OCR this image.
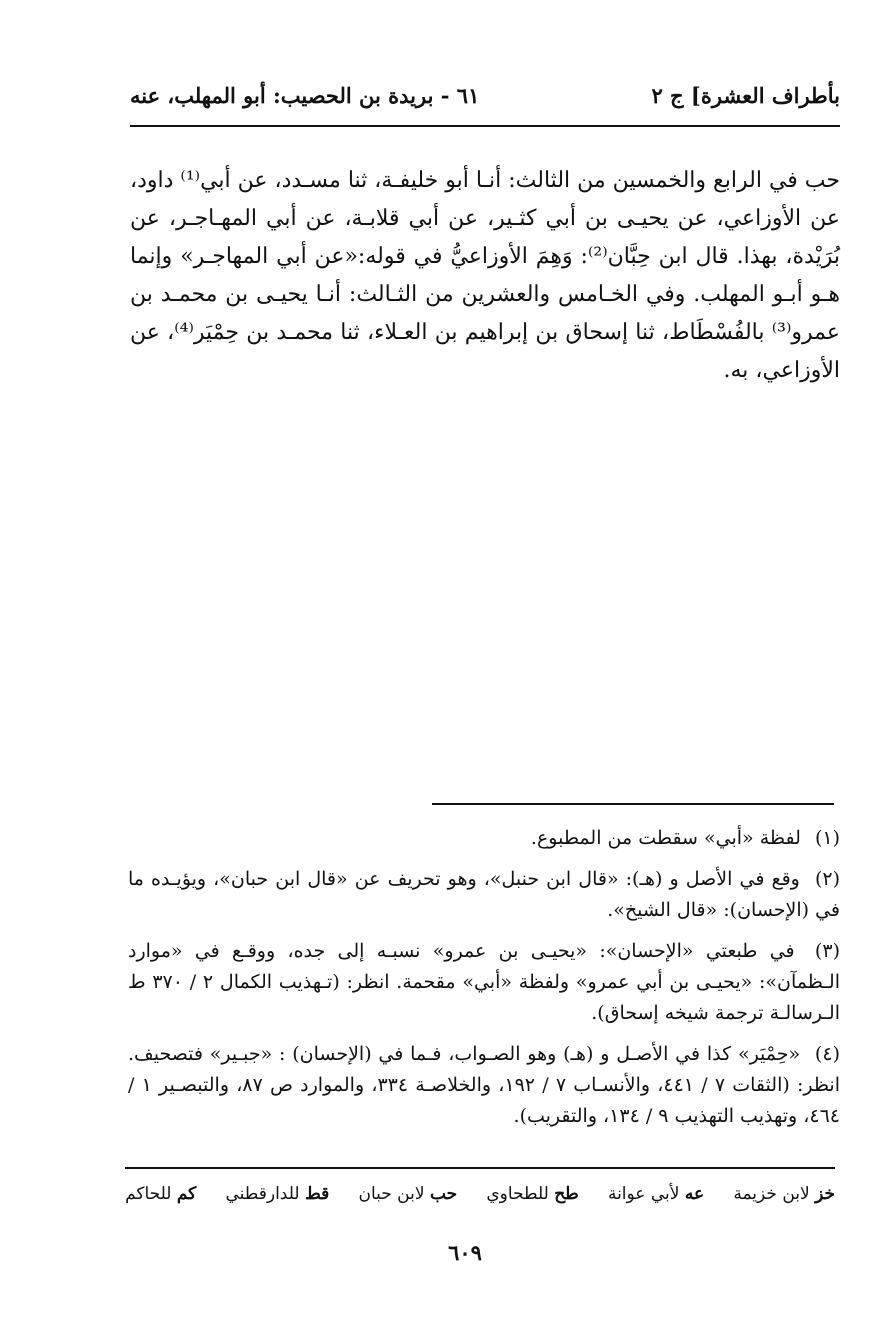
بأطراف العشرة] ج ٢
٦١ - بريدة بن الحصيب: أبو المهلب، عنه

حب في الرابع والخمسين من الثالث: أنـا أبو خليفـة، ثنا مسـدد، عن أبي⁽¹⁾ داود، عن الأوزاعي، عن يحيـى بن أبي كثـير، عن أبي قلابـة، عن أبي المهـاجـر، عن بُرَيْدة، بهذا. قال ابن حِبَّان⁽²⁾: وَهِمَ الأوزاعيُّ في قوله:«عن أبي المهاجـر» وإنما هـو أبـو المهلب. وفي الخـامس والعشرين من الثـالث: أنـا يحيـى بن محمـد بن عمرو⁽³⁾ بالفُسْطَاط، ثنا إسحاق بن إبراهيم بن العـلاء، ثنا محمـد بن حِمْيَر⁽⁴⁾، عن الأوزاعي، به.

(١) لفظة «أبي» سقطت من المطبوع.

(٢) وقع في الأصل و (هـ): «قال ابن حنبل»، وهو تحريف عن «قال ابن حبان»، ويؤيـده ما في (الإحسان): «قال الشيخ».

(٣) في طبعتي «الإحسان»: «يحيـى بن عمرو» نسبـه إلى جده، ووقـع في «موارد الـظمآن»: «يحيـى بن أبي عمرو» ولفظة «أبي» مقحمة. انظر: (تـهذيب الكمال ٢ / ٣٧٠ ط الـرسالـة ترجمة شيخه إسحاق).

(٤) «حِمْيَر» كذا في الأصـل و (هـ) وهو الصـواب، فـما في (الإحسان) : «جبـير» فتصحيف. انظر: (الثقات ٧ / ٤٤١، والأنسـاب ٧ / ١٩٢، والخلاصـة ٣٣٤، والموارد ص ٨٧، والتبصـير ١ / ٤٦٤، وتهذيب التهذيب ٩ / ١٣٤، والتقريب).

خز لابن خزيمة
عه لأبي عوانة
طح للطحاوي
حب لابن حبان
قط للدارقطني
كم للحاكم
٦٠٩
